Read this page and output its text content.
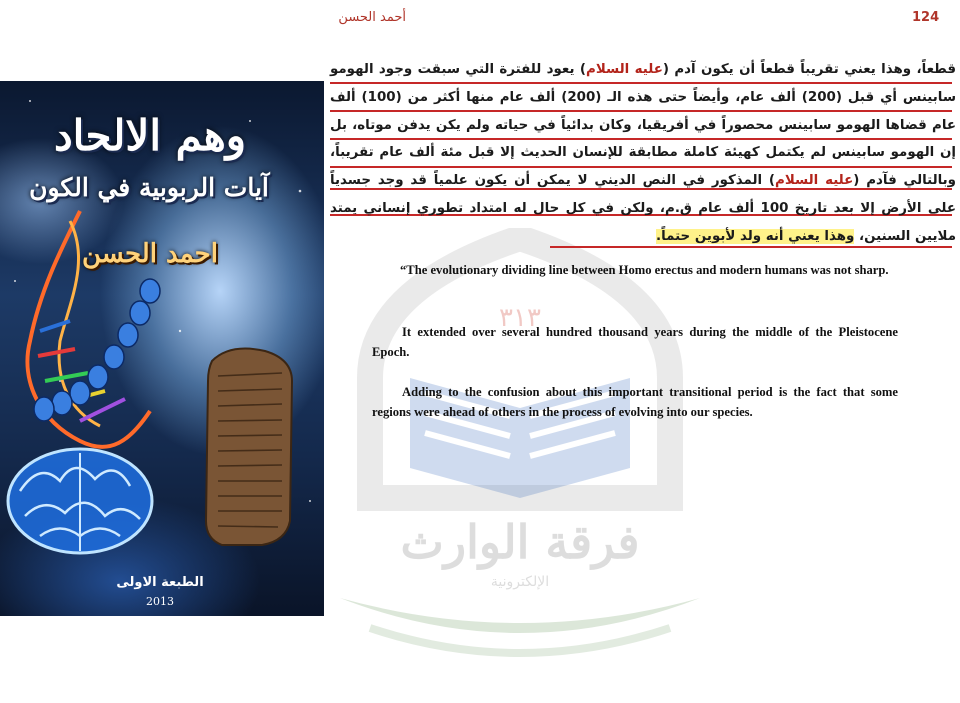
أحمد الحسن	124
٣١٣
فرقة الوارث
الإلكترونية
وهم الالحاد
آيات الربوبية في الكون
احمد الحسن
الطبعة الاولى
2013
قطعاً، وهذا يعني تقريباً قطعاً أن يكون آدم (عليه السلام) يعود للفترة التي سبقت وجود الهومو سابينس أي قبل (200) ألف عام، وأيضاً حتى هذه الـ (200) ألف عام منها أكثر من (100) ألف عام قضاها الهومو سابينس محصوراً في أفريقيا، وكان بدائياً في حياته ولم يكن يدفن موتاه، بل إن الهومو سابينس لم يكتمل كهيئة كاملة مطابقة للإنسان الحديث إلا قبل مئة ألف عام تقريباً، وبالتالي فآدم (عليه السلام) المذكور في النص الديني لا يمكن أن يكون علمياً قد وجد جسدياً على الأرض إلا بعد تاريخ 100 ألف عام ق.م، ولكن في كل حال له امتداد تطوري إنساني يمتد ملايين السنين، وهذا يعني أنه ولد لأبوين حتماً.
“The evolutionary dividing line between Homo erectus and modern humans was not sharp.
It extended over several hundred thousand years during the middle of the Pleistocene Epoch.
Adding to the confusion about this important transitional period is the fact that some regions were ahead of others in the process of evolving into our species.
